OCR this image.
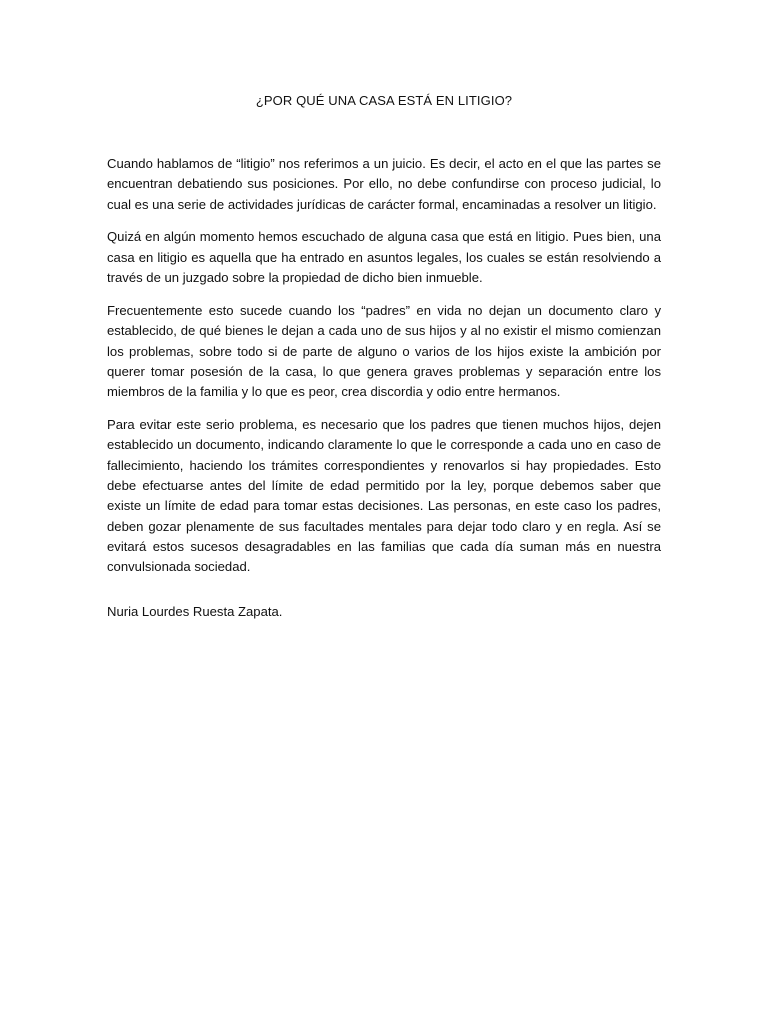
¿POR QUÉ UNA CASA ESTÁ EN LITIGIO?

Cuando hablamos de “litigio” nos referimos a un juicio. Es decir, el acto en el que las partes se encuentran debatiendo sus posiciones. Por ello, no debe confundirse con proceso judicial, lo cual es una serie de actividades jurídicas de carácter formal, encaminadas a resolver un litigio.

Quizá en algún momento hemos escuchado de alguna casa que está en litigio. Pues bien, una casa en litigio es aquella que ha entrado en asuntos legales, los cuales se están resolviendo a través de un juzgado sobre la propiedad de dicho bien inmueble.

Frecuentemente esto sucede cuando los “padres” en vida no dejan un documento claro y establecido, de qué bienes le dejan a cada uno de sus hijos y al no existir el mismo comienzan los problemas, sobre todo si de parte de alguno o varios de los hijos existe la ambición por querer tomar posesión de la casa, lo que genera graves problemas y separación entre los miembros de la familia y lo que es peor, crea discordia y odio entre hermanos.

Para evitar este serio problema, es necesario que los padres que tienen muchos hijos, dejen establecido un documento, indicando claramente lo que le corresponde a cada uno en caso de fallecimiento, haciendo los trámites correspondientes y renovarlos si hay propiedades. Esto debe efectuarse antes del límite de edad permitido por la ley, porque debemos saber que existe un límite de edad para tomar estas decisiones. Las personas, en este caso los padres, deben gozar plenamente de sus facultades mentales para dejar todo claro y en regla. Así se evitará estos sucesos desagradables en las familias que cada día suman más en nuestra convulsionada sociedad.

Nuria Lourdes Ruesta Zapata.
